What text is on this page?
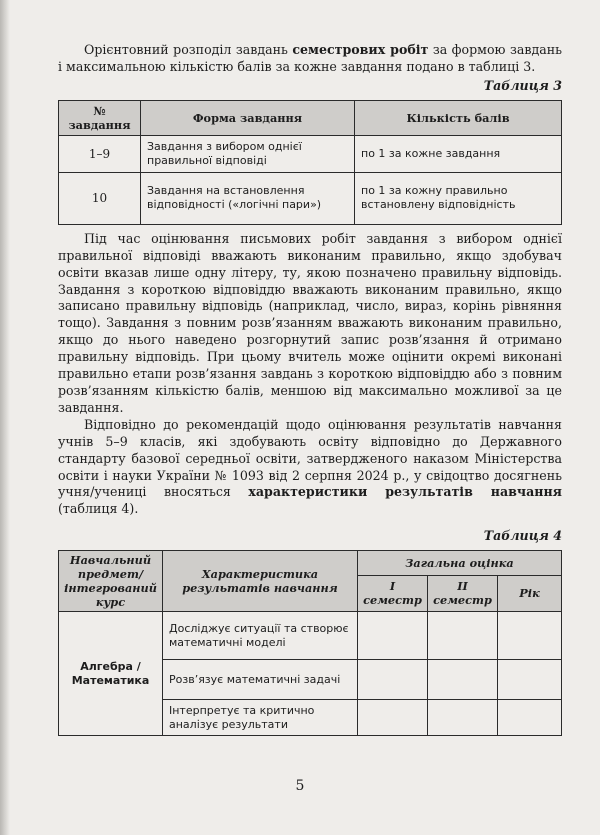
Орієнтовний розподіл завдань семестрових робіт за формою завдань і максимальною кількістю балів за кожне завдання подано в таблиці 3.

Таблиця 3
№ завдання	Форма завдання	Кількість балів
1–9	Завдання з вибором однієї правильної відповіді	по 1 за кожне завдання
10	Завдання на встановлення відповідності («логічні пари»)	по 1 за кожну правильно встановлену відповідність

Під час оцінювання письмових робіт завдання з вибором однієї правильної відповіді вважають виконаним правильно, якщо здобувач освіти вказав лише одну літеру, ту, якою позначено правильну відповідь. Завдання з короткою відповіддю вважають виконаним правильно, якщо записано правильну відповідь (наприклад, число, вираз, корінь рівняння тощо). Завдання з повним розв’язанням вважають виконаним правильно, якщо до нього наведено розгорнутий запис розв’язання й отримано правильну відповідь. При цьому вчитель може оцінити окремі виконані правильно етапи розв’язання завдань з короткою відповіддю або з повним розв’язанням кількістю балів, меншою від максимально можливої за це завдання.

Відповідно до рекомендацій щодо оцінювання результатів навчання учнів 5–9 класів, які здобувають освіту відповідно до Державного стандарту базової середньої освіти, затвердженого наказом Міністерства освіти і науки України № 1093 від 2 серпня 2024 р., у свідоцтво досягнень учня/учениці вносяться характеристики результатів навчання (таблиця 4).

Таблиця 4
Навчальний предмет/ інтегрований курс	Характеристика результатів навчання	Загальна оцінка		
		I семестр	II семестр	Рік
Алгебра / Математика	Досліджує ситуації та створює математичні моделі			
	Розв’язує математичні задачі			
	Інтерпретує та критично аналізує результати			
5
